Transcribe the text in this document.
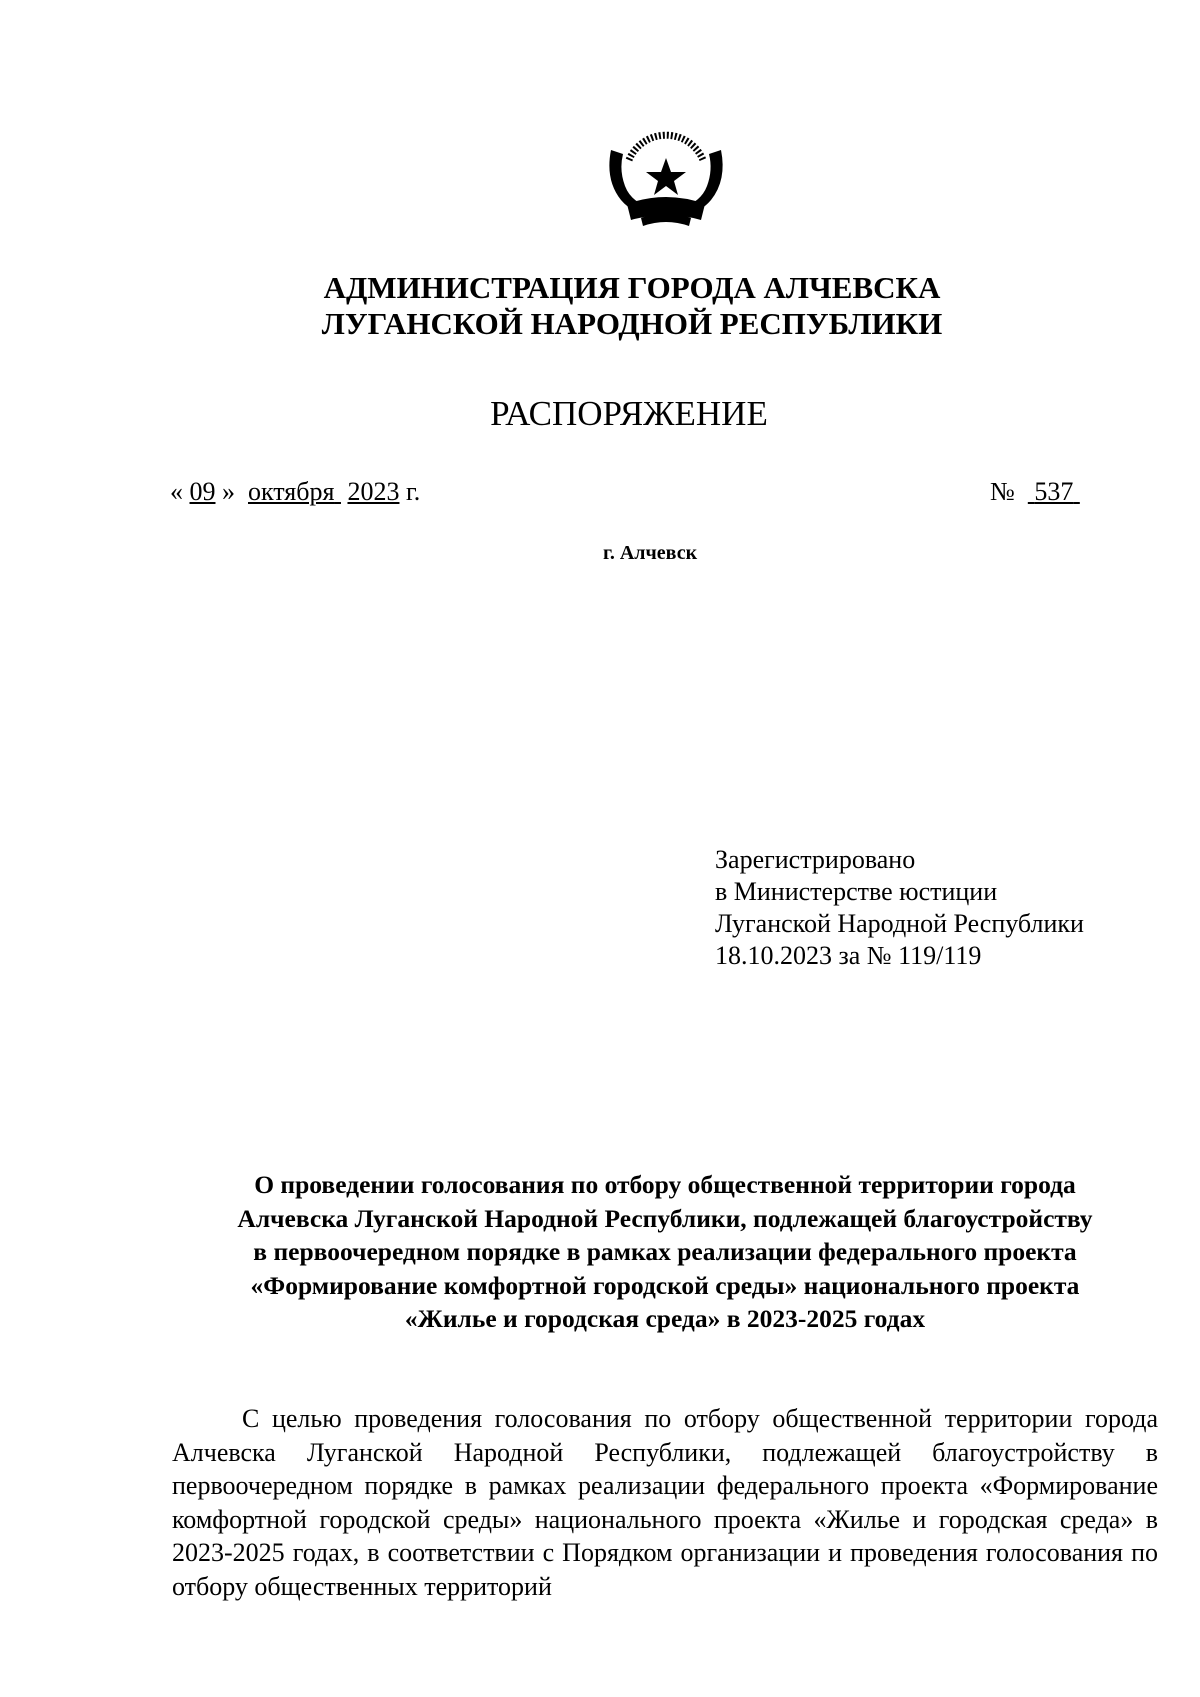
АДМИНИСТРАЦИЯ ГОРОДА АЛЧЕВСКА
ЛУГАНСКОЙ НАРОДНОЙ РЕСПУБЛИКИ
РАСПОРЯЖЕНИЕ
« 09 » октября 2023 г.	№ 537
г. Алчевск
Зарегистрировано
в Министерстве юстиции
Луганской Народной Республики
18.10.2023 за № 119/119
О проведении голосования по отбору общественной территории города
Алчевска Луганской Народной Республики, подлежащей благоустройству
в первоочередном порядке в рамках реализации федерального проекта
«Формирование комфортной городской среды» национального проекта
«Жилье и городская среда» в 2023-2025 годах
С целью проведения голосования по отбору общественной территории города Алчевска Луганской Народной Республики, подлежащей благоустройству в первоочередном порядке в рамках реализации федерального проекта «Формирование комфортной городской среды» национального проекта «Жилье и городская среда» в 2023-2025 годах, в соответствии с Порядком организации и проведения голосования по отбору общественных территорий
